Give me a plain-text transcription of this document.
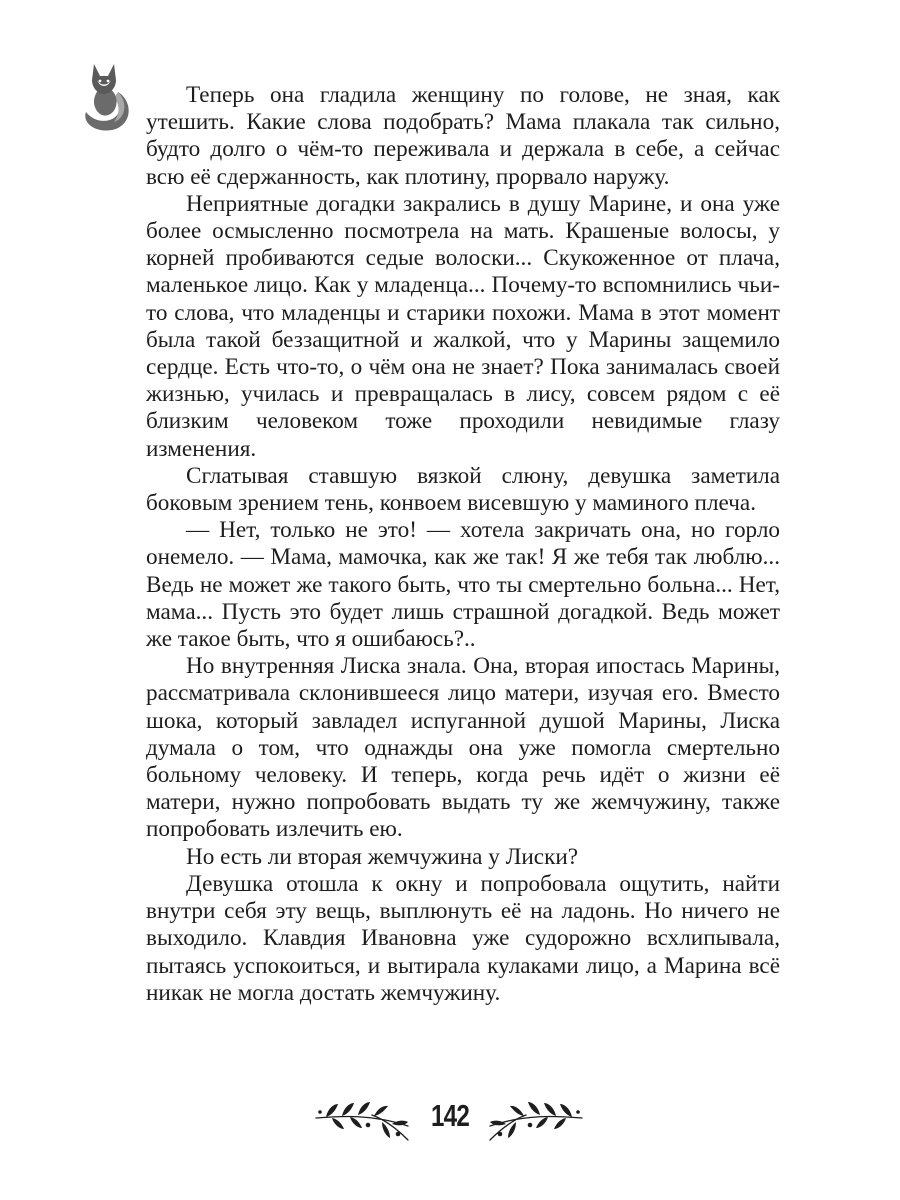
Теперь она гладила женщину по голове, не зная, как утешить. Какие слова подобрать? Мама плакала так сильно, будто долго о чём-то переживала и держала в себе, а сейчас всю её сдержанность, как плотину, прорвало наружу.

Неприятные догадки закрались в душу Марине, и она уже более осмысленно посмотрела на мать. Крашеные волосы, у корней пробиваются седые волоски... Скукоженное от плача, маленькое лицо. Как у младенца... Почему-то вспомнились чьи-то слова, что младенцы и старики похожи. Мама в этот момент была такой беззащитной и жалкой, что у Марины защемило сердце. Есть что-то, о чём она не знает? Пока занималась своей жизнью, училась и превращалась в лису, совсем рядом с её близким человеком тоже проходили невидимые глазу изменения.

Сглатывая ставшую вязкой слюну, девушка заметила боковым зрением тень, конвоем висевшую у маминого плеча.

— Нет, только не это! — хотела закричать она, но горло онемело. — Мама, мамочка, как же так! Я же тебя так люблю... Ведь не может же такого быть, что ты смертельно больна... Нет, мама... Пусть это будет лишь страшной догадкой. Ведь может же такое быть, что я ошибаюсь?..

Но внутренняя Лиска знала. Она, вторая ипостась Марины, рассматривала склонившееся лицо матери, изучая его. Вместо шока, который завладел испуганной душой Марины, Лиска думала о том, что однажды она уже помогла смертельно больному человеку. И теперь, когда речь идёт о жизни её матери, нужно попробовать выдать ту же жемчужину, также попробовать излечить ею.

Но есть ли вторая жемчужина у Лиски?

Девушка отошла к окну и попробовала ощутить, найти внутри себя эту вещь, выплюнуть её на ладонь. Но ничего не выходило. Клавдия Ивановна уже судорожно всхлипывала, пытаясь успокоиться, и вытирала кулаками лицо, а Марина всё никак не могла достать жемчужину.

142
